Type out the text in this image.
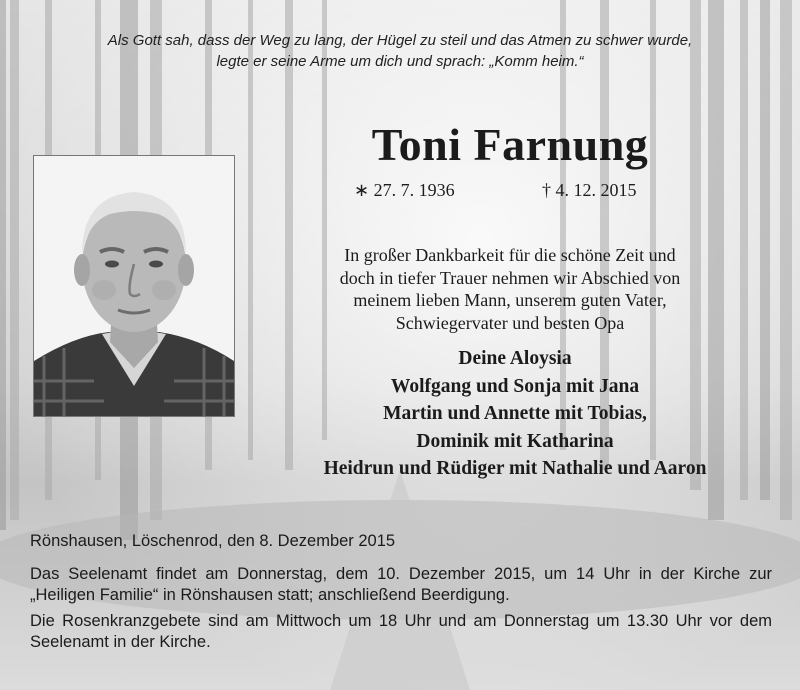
Als Gott sah, dass der Weg zu lang, der Hügel zu steil und das Atmen zu schwer wurde,
legte er seine Arme um dich und sprach: „Komm heim.“
Toni Farnung
∗ 27. 7. 1936	† 4. 12. 2015
In großer Dankbarkeit für die schöne Zeit und
doch in tiefer Trauer nehmen wir Abschied von
meinem lieben Mann, unserem guten Vater,
Schwiegervater und besten Opa
Deine Aloysia
Wolfgang und Sonja mit Jana
Martin und Annette mit Tobias,
Dominik mit Katharina
Heidrun und Rüdiger mit Nathalie und Aaron
Rönshausen, Löschenrod, den 8. Dezember 2015

Das Seelenamt findet am Donnerstag, dem 10. Dezember 2015, um 14 Uhr in der Kirche zur „Heiligen Familie“ in Rönshausen statt; anschließend Beerdigung.

Die Rosenkranzgebete sind am Mittwoch um 18 Uhr und am Donnerstag um 13.30 Uhr vor dem Seelenamt in der Kirche.
